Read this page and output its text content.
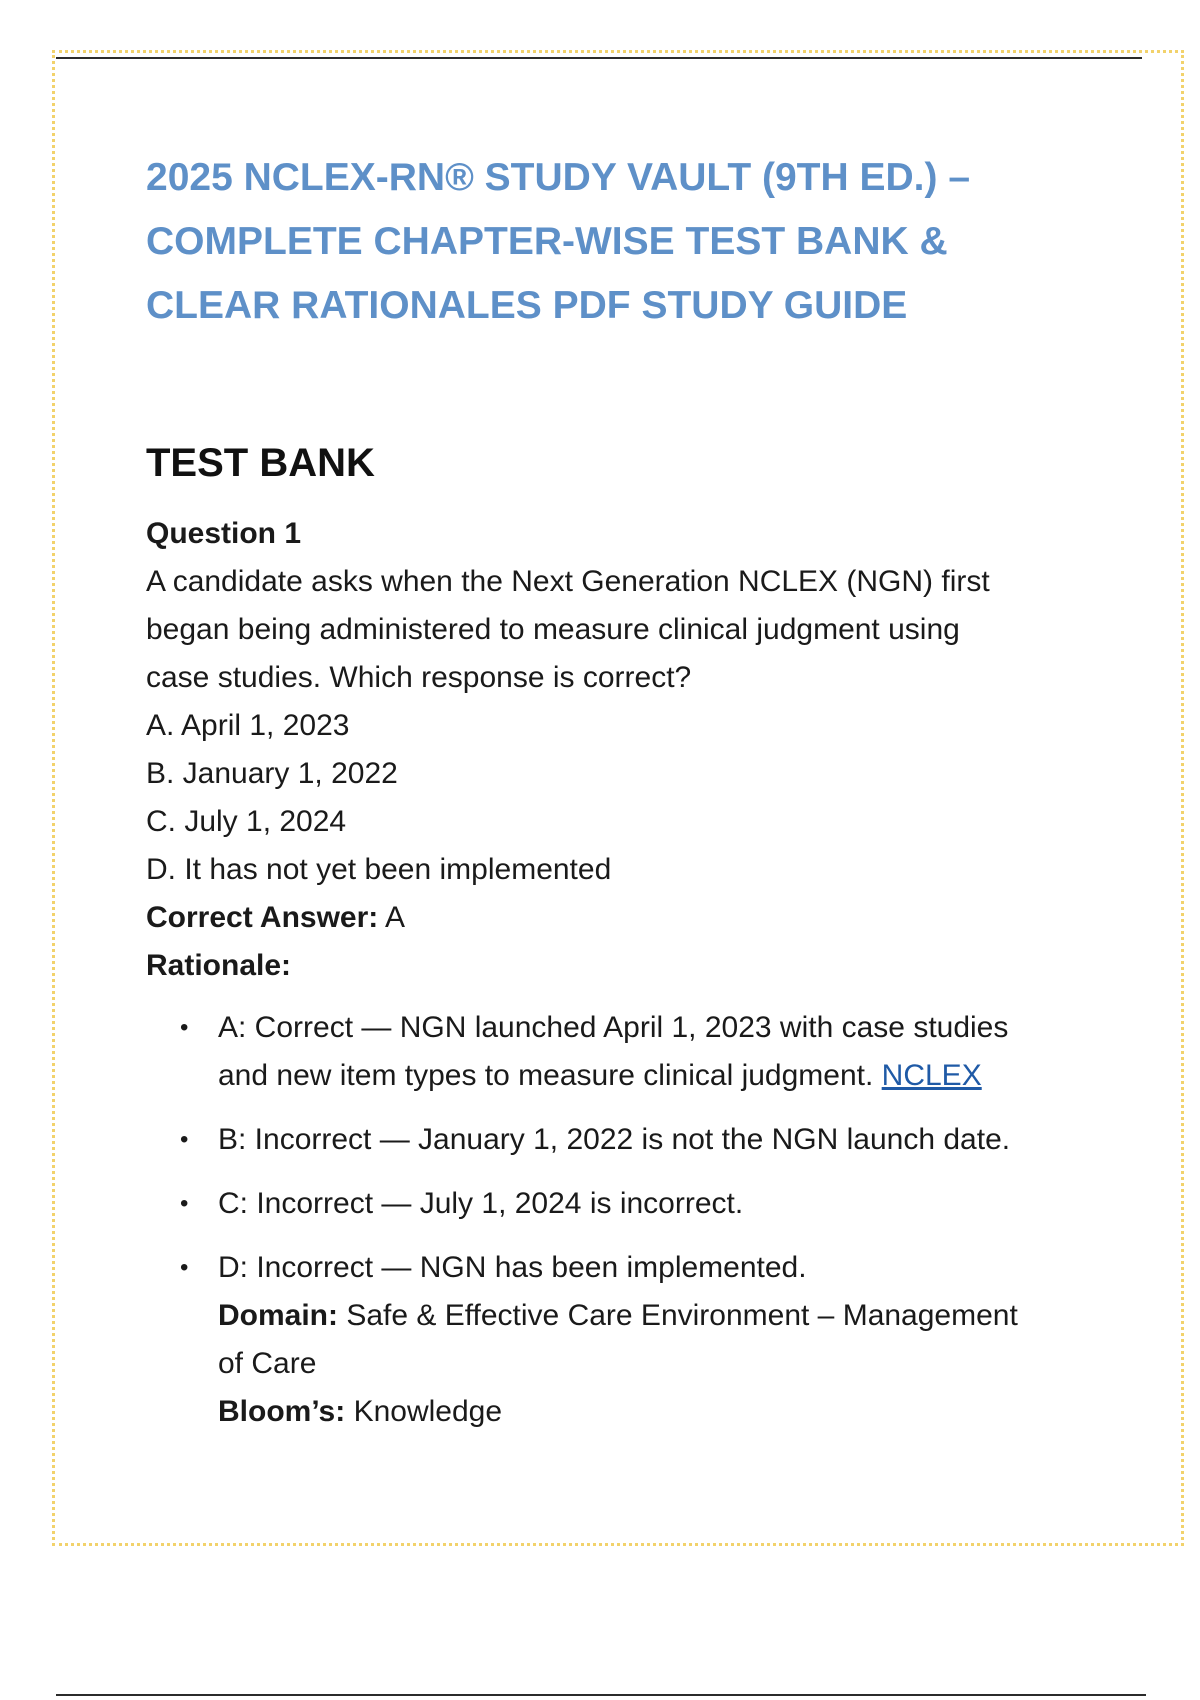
2025 NCLEX-RN® STUDY VAULT (9TH ED.) –
COMPLETE CHAPTER-WISE TEST BANK &
CLEAR RATIONALES PDF STUDY GUIDE
TEST BANK
Question 1
A candidate asks when the Next Generation NCLEX (NGN) first
began being administered to measure clinical judgment using
case studies. Which response is correct?
A. April 1, 2023
B. January 1, 2022
C. July 1, 2024
D. It has not yet been implemented
Correct Answer: A
Rationale:
• A: Correct — NGN launched April 1, 2023 with case studies
and new item types to measure clinical judgment. NCLEX
• B: Incorrect — January 1, 2022 is not the NGN launch date.
• C: Incorrect — July 1, 2024 is incorrect.
• D: Incorrect — NGN has been implemented.
Domain: Safe & Effective Care Environment – Management
of Care
Bloom’s: Knowledge
